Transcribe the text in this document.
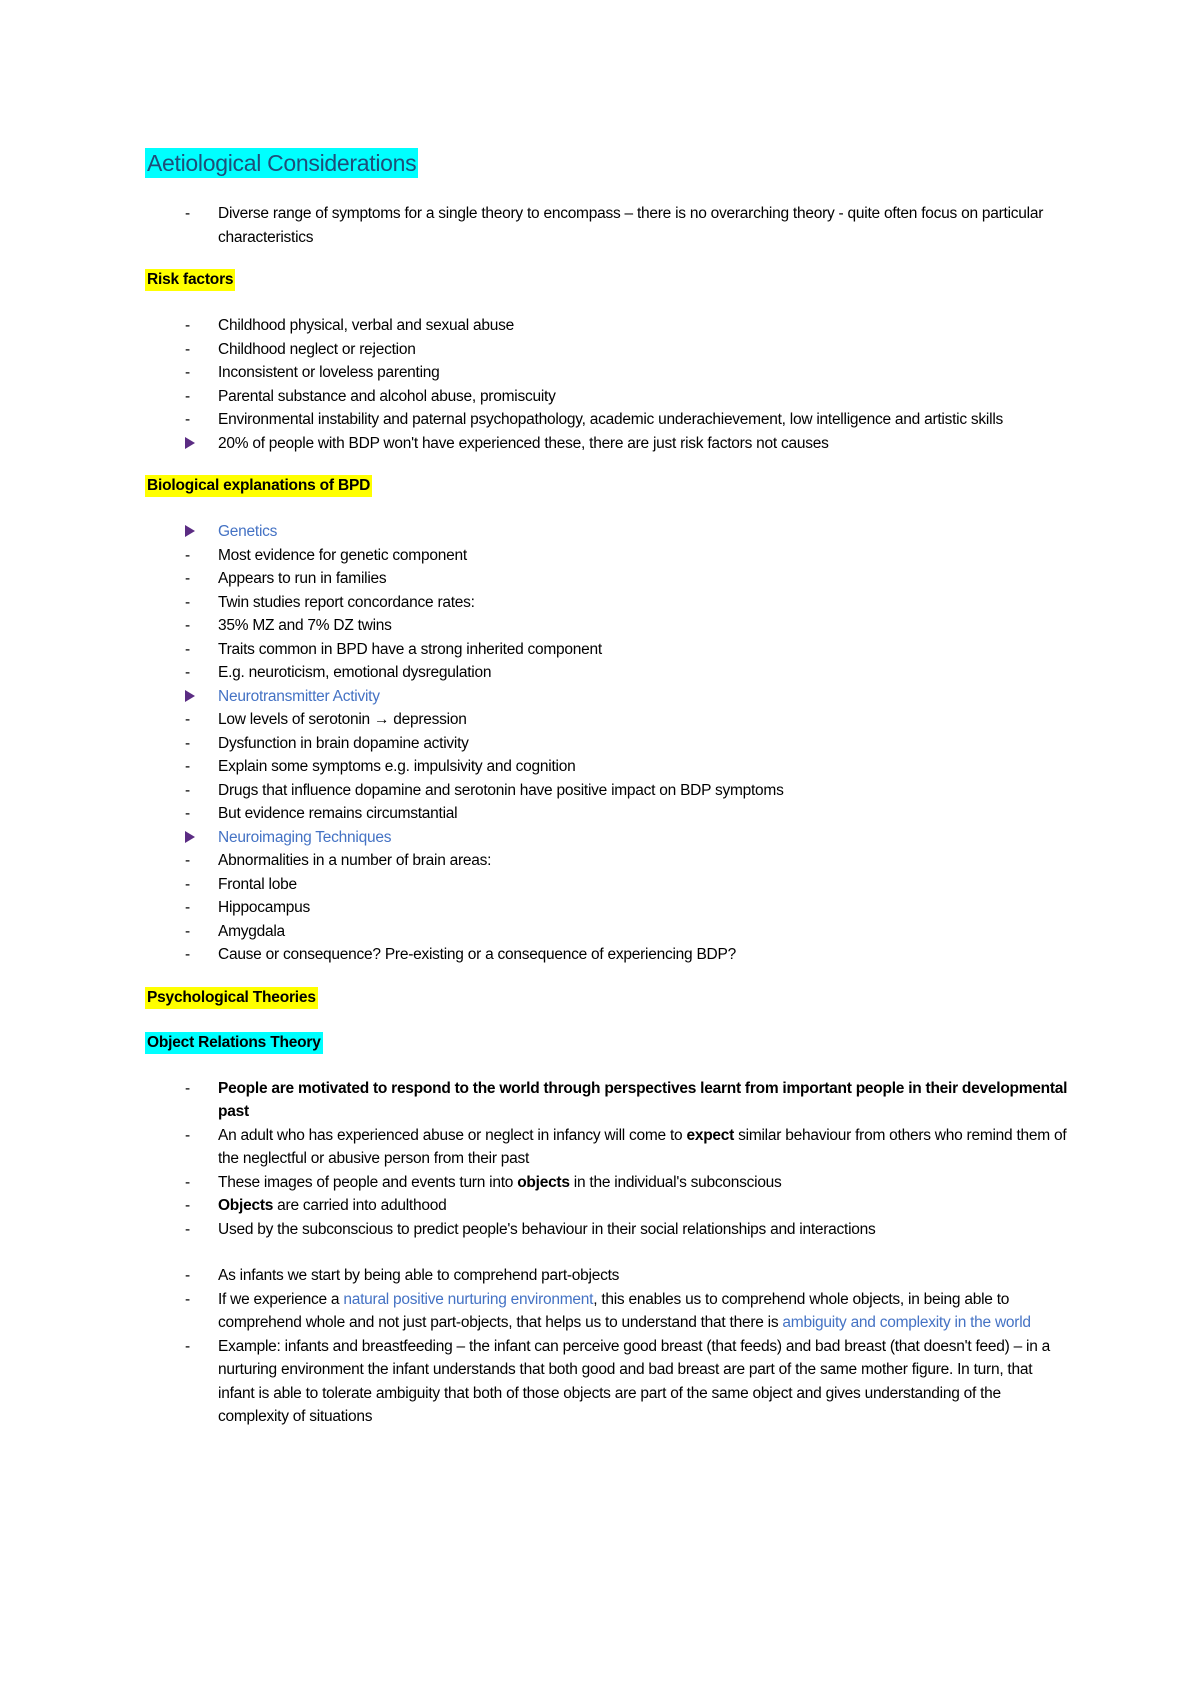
Aetiological Considerations
-	Diverse range of symptoms for a single theory to encompass – there is no overarching theory - quite often focus on particular characteristics
Risk factors
-	Childhood physical, verbal and sexual abuse
-	Childhood neglect or rejection
-	Inconsistent or loveless parenting
-	Parental substance and alcohol abuse, promiscuity
-	Environmental instability and paternal psychopathology, academic underachievement, low intelligence and artistic skills
20% of people with BDP won't have experienced these, there are just risk factors not causes
Biological explanations of BPD
Genetics
-	Most evidence for genetic component
-	Appears to run in families
-	Twin studies report concordance rates:
-	35% MZ and 7% DZ twins
-	Traits common in BPD have a strong inherited component
-	E.g. neuroticism, emotional dysregulation
Neurotransmitter Activity
-	Low levels of serotonin → depression
-	Dysfunction in brain dopamine activity
-	Explain some symptoms e.g. impulsivity and cognition
-	Drugs that influence dopamine and serotonin have positive impact on BDP symptoms
-	But evidence remains circumstantial
Neuroimaging Techniques
-	Abnormalities in a number of brain areas:
-	Frontal lobe
-	Hippocampus
-	Amygdala
-	Cause or consequence? Pre-existing or a consequence of experiencing BDP?
Psychological Theories
Object Relations Theory
-	People are motivated to respond to the world through perspectives learnt from important people in their developmental past
-	An adult who has experienced abuse or neglect in infancy will come to expect similar behaviour from others who remind them of the neglectful or abusive person from their past
-	These images of people and events turn into objects in the individual's subconscious
-	Objects are carried into adulthood
-	Used by the subconscious to predict people's behaviour in their social relationships and interactions
-	As infants we start by being able to comprehend part-objects
-	If we experience a natural positive nurturing environment, this enables us to comprehend whole objects, in being able to comprehend whole and not just part-objects, that helps us to understand that there is ambiguity and complexity in the world
-	Example: infants and breastfeeding – the infant can perceive good breast (that feeds) and bad breast (that doesn't feed) – in a nurturing environment the infant understands that both good and bad breast are part of the same mother figure. In turn, that infant is able to tolerate ambiguity that both of those objects are part of the same object and gives understanding of the complexity of situations
